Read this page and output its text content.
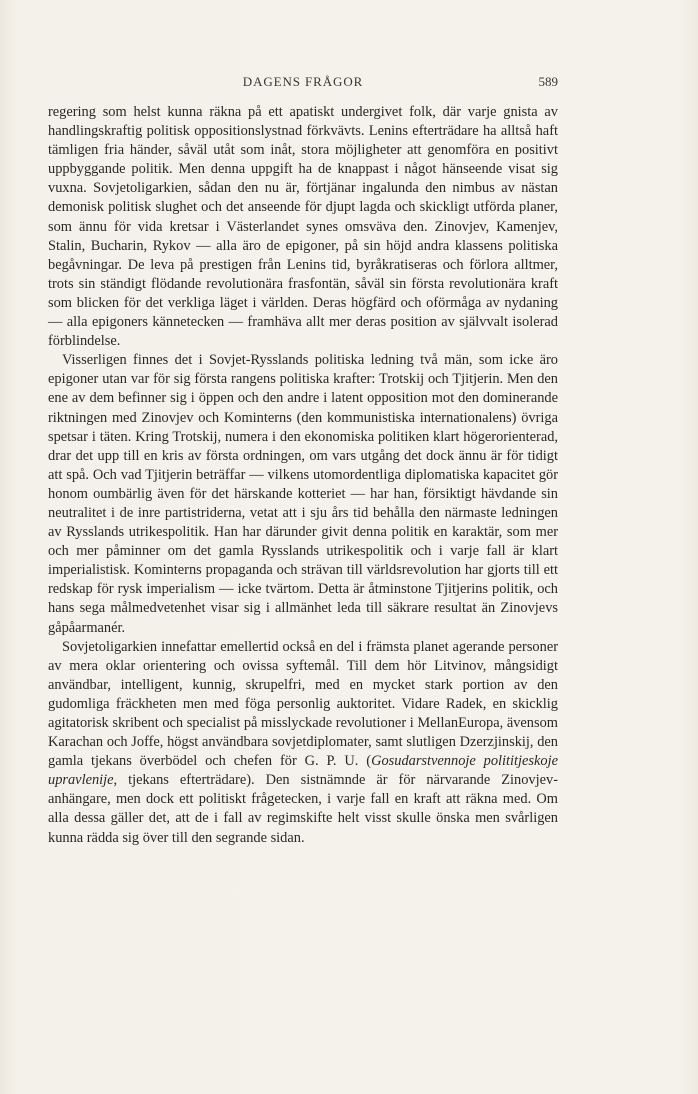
DAGENS FRÅGOR	589

regering som helst kunna räkna på ett apatiskt undergivet folk, där varje gnista av handlingskraftig politisk oppositionslystnad förkvävts. Lenins efterträdare ha alltså haft tämligen fria händer, såväl utåt som inåt, stora möjligheter att genomföra en positivt uppbyggande politik. Men denna uppgift ha de knappast i något hänseende visat sig vuxna. Sovjetoligarkien, sådan den nu är, förtjänar ingalunda den nimbus av nästan demonisk politisk slughet och det anseende för djupt lagda och skickligt utförda planer, som ännu för vida kretsar i Västerlandet synes omsväva den. Zinovjev, Kamenjev, Stalin, Bucharin, Rykov — alla äro de epigoner, på sin höjd andra klassens politiska begåvningar. De leva på prestigen från Lenins tid, byråkratiseras och förlora alltmer, trots sin ständigt flödande revolutionära frasfontän, såväl sin första revolutionära kraft som blicken för det verkliga läget i världen. Deras högfärd och oförmåga av nydaning — alla epigoners kännetecken — framhäva allt mer deras position av självvalt isolerad förblindelse.

Visserligen finnes det i Sovjet-Rysslands politiska ledning två män, som icke äro epigoner utan var för sig första rangens politiska krafter: Trotskij och Tjitjerin. Men den ene av dem befinner sig i öppen och den andre i latent opposition mot den dominerande riktningen med Zinovjev och Kominterns (den kommunistiska internationalens) övriga spetsar i täten. Kring Trotskij, numera i den ekonomiska politiken klart högerorienterad, drar det upp till en kris av första ordningen, om vars utgång det dock ännu är för tidigt att spå. Och vad Tjitjerin beträffar — vilkens utomordentliga diplomatiska kapacitet gör honom oumbärlig även för det härskande kotteriet — har han, försiktigt hävdande sin neutralitet i de inre partistriderna, vetat att i sju års tid behålla den närmaste ledningen av Rysslands utrikespolitik. Han har därunder givit denna politik en karaktär, som mer och mer påminner om det gamla Rysslands utrikespolitik och i varje fall är klart imperialistisk. Kominterns propaganda och strävan till världsrevolution har gjorts till ett redskap för rysk imperialism — icke tvärtom. Detta är åtminstone Tjitjerins politik, och hans sega målmedvetenhet visar sig i allmänhet leda till säkrare resultat än Zinovjevs gåpåarmanér.

Sovjetoligarkien innefattar emellertid också en del i främsta planet agerande personer av mera oklar orientering och ovissa syftemål. Till dem hör Litvinov, mångsidigt användbar, intelligent, kunnig, skrupelfri, med en mycket stark portion av den gudomliga fräckheten men med föga personlig auktoritet. Vidare Radek, en skicklig agitatorisk skribent och specialist på misslyckade revolutioner i MellanEuropa, ävensom Karachan och Joffe, högst användbara sovjetdiplomater, samt slutligen Dzerzjinskij, den gamla tjekans överbödel och chefen för G. P. U. (Gosudarstvennoje polititjeskoje upravlenije, tjekans efterträdare). Den sistnämnde är för närvarande Zinovjev-anhängare, men dock ett politiskt frågetecken, i varje fall en kraft att räkna med. Om alla dessa gäller det, att de i fall av regimskifte helt visst skulle önska men svårligen kunna rädda sig över till den segrande sidan.
